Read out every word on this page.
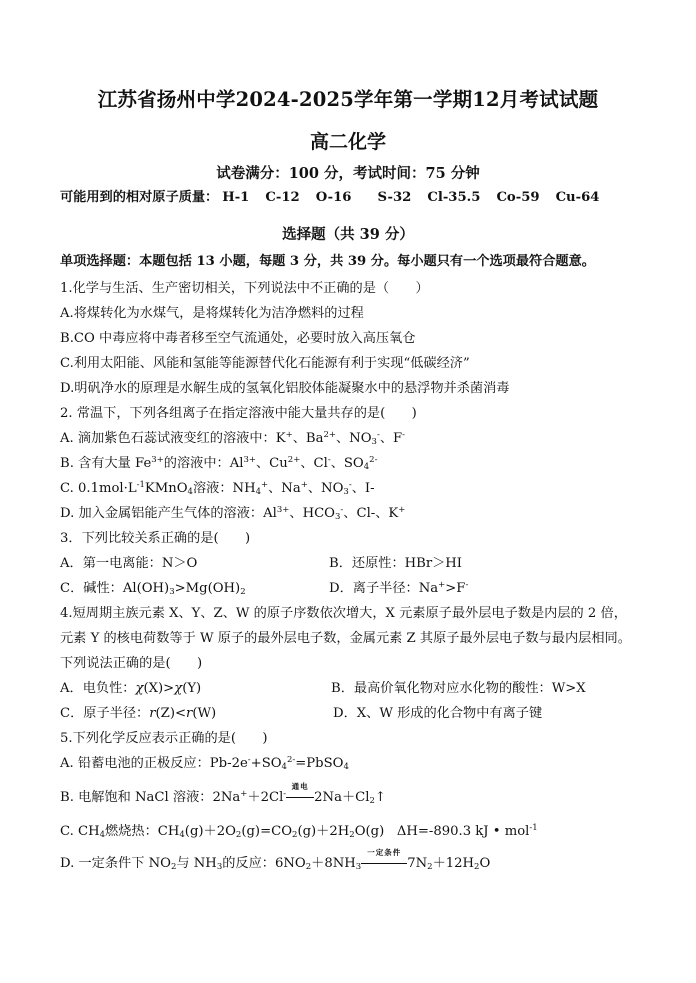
江苏省扬州中学2024-2025学年第一学期12月考试试题
高二化学
试卷满分：100 分，考试时间：75 分钟
可能用到的相对原子质量： H-1 C-12 O-16 S-32 Cl-35.5 Co-59 Cu-64
选择题（共 39 分）
单项选择题：本题包括 13 小题，每题 3 分，共 39 分。每小题只有一个选项最符合题意。
1.化学与生活、生产密切相关，下列说法中不正确的是（　　）
A.将煤转化为水煤气，是将煤转化为洁净燃料的过程
B.CO 中毒应将中毒者移至空气流通处，必要时放入高压氧仓
C.利用太阳能、风能和氢能等能源替代化石能源有利于实现“低碳经济”
D.明矾净水的原理是水解生成的氢氧化铝胶体能凝聚水中的悬浮物并杀菌消毒
2. 常温下，下列各组离子在指定溶液中能大量共存的是(　　)
A. 滴加紫色石蕊试液变红的溶液中：K+、$Ba^{2+}$、$NO_3^-$、F-
B. 含有大量 $Fe^{3+}$的溶液中：$Al^{3+}$、$Cu^{2+}$、Cl-、$SO_4^{2-}$
C. $0.1mol\cdot L^{-1}KMnO_4$溶液：$NH_4^+$、Na+、$NO_3^-$、I-
D. 加入金属铝能产生气体的溶液：$Al^{3+}$、$HCO_3^-$、Cl-、K+
3．下列比较关系正确的是(　　)
A．第一电离能：N＞O	B．还原性：HBr＞HI
C．碱性：$Al(OH)_3>Mg(OH)_2$	D．离子半径：Na+>F-
4.短周期主族元素 X、Y、Z、W 的原子序数依次增大，X 元素原子最外层电子数是内层的 2 倍，
元素 Y 的核电荷数等于 W 原子的最外层电子数，金属元素 Z 其原子最外层电子数与最内层相同。
下列说法正确的是(　　)
A．电负性：χ(X)>χ(Y)	B．最高价氧化物对应水化物的酸性：W>X
C．原子半径：r(Z)<r(W)	D．X、W 形成的化合物中有离子键
5.下列化学反应表示正确的是(　　)
A. 铅蓄电池的正极反应：$Pb-2e^-+SO_4^{2-}=PbSO_4$
B. 电解饱和 NaCl 溶液：2Na+＋2Cl-
通电
$2Na+Cl_2↑$
C. $CH_4$燃烧热：$CH_4(g)+2O_2(g)=CO_2(g)+2H_2O(g)$   ΔH=-890.3 kJ • mol$^{-1}$
D. 一定条件下 $NO_2$与 $NH_3$的反应：$6NO_2+8NH_3$
一定条件
$7N_2+12H_2O$
